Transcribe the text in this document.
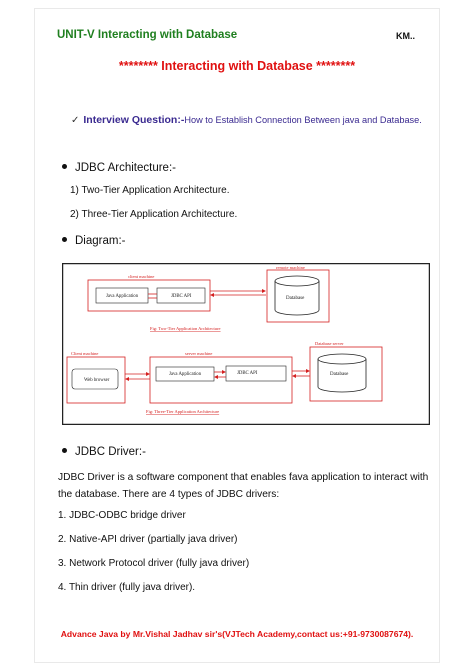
UNIT-V Interacting with Database	KM..
******** Interacting with Database ********
✓ Interview Question:-How to Establish Connection Between java and Database.
JDBC Architecture:-
1) Two-Tier Application Architecture.
2) Three-Tier Application Architecture.
Diagram:-
client machine
Java Application	JDBC API
remote machine
Database
Fig: Two-Tier Application Architecture
Client machine
Web browser
server machine
Java Application	JDBC API
Database server
Database
Fig: Three-Tier Application Architecture
JDBC Driver:-
JDBC Driver is a software component that enables fava application to interact with the database. There are 4 types of JDBC drivers:
1. JDBC-ODBC bridge driver
2. Native-API driver (partially java driver)
3. Network Protocol driver (fully java driver)
4. Thin driver (fully java driver).
Advance Java by Mr.Vishal Jadhav sir's(VJTech Academy,contact us:+91-9730087674).
